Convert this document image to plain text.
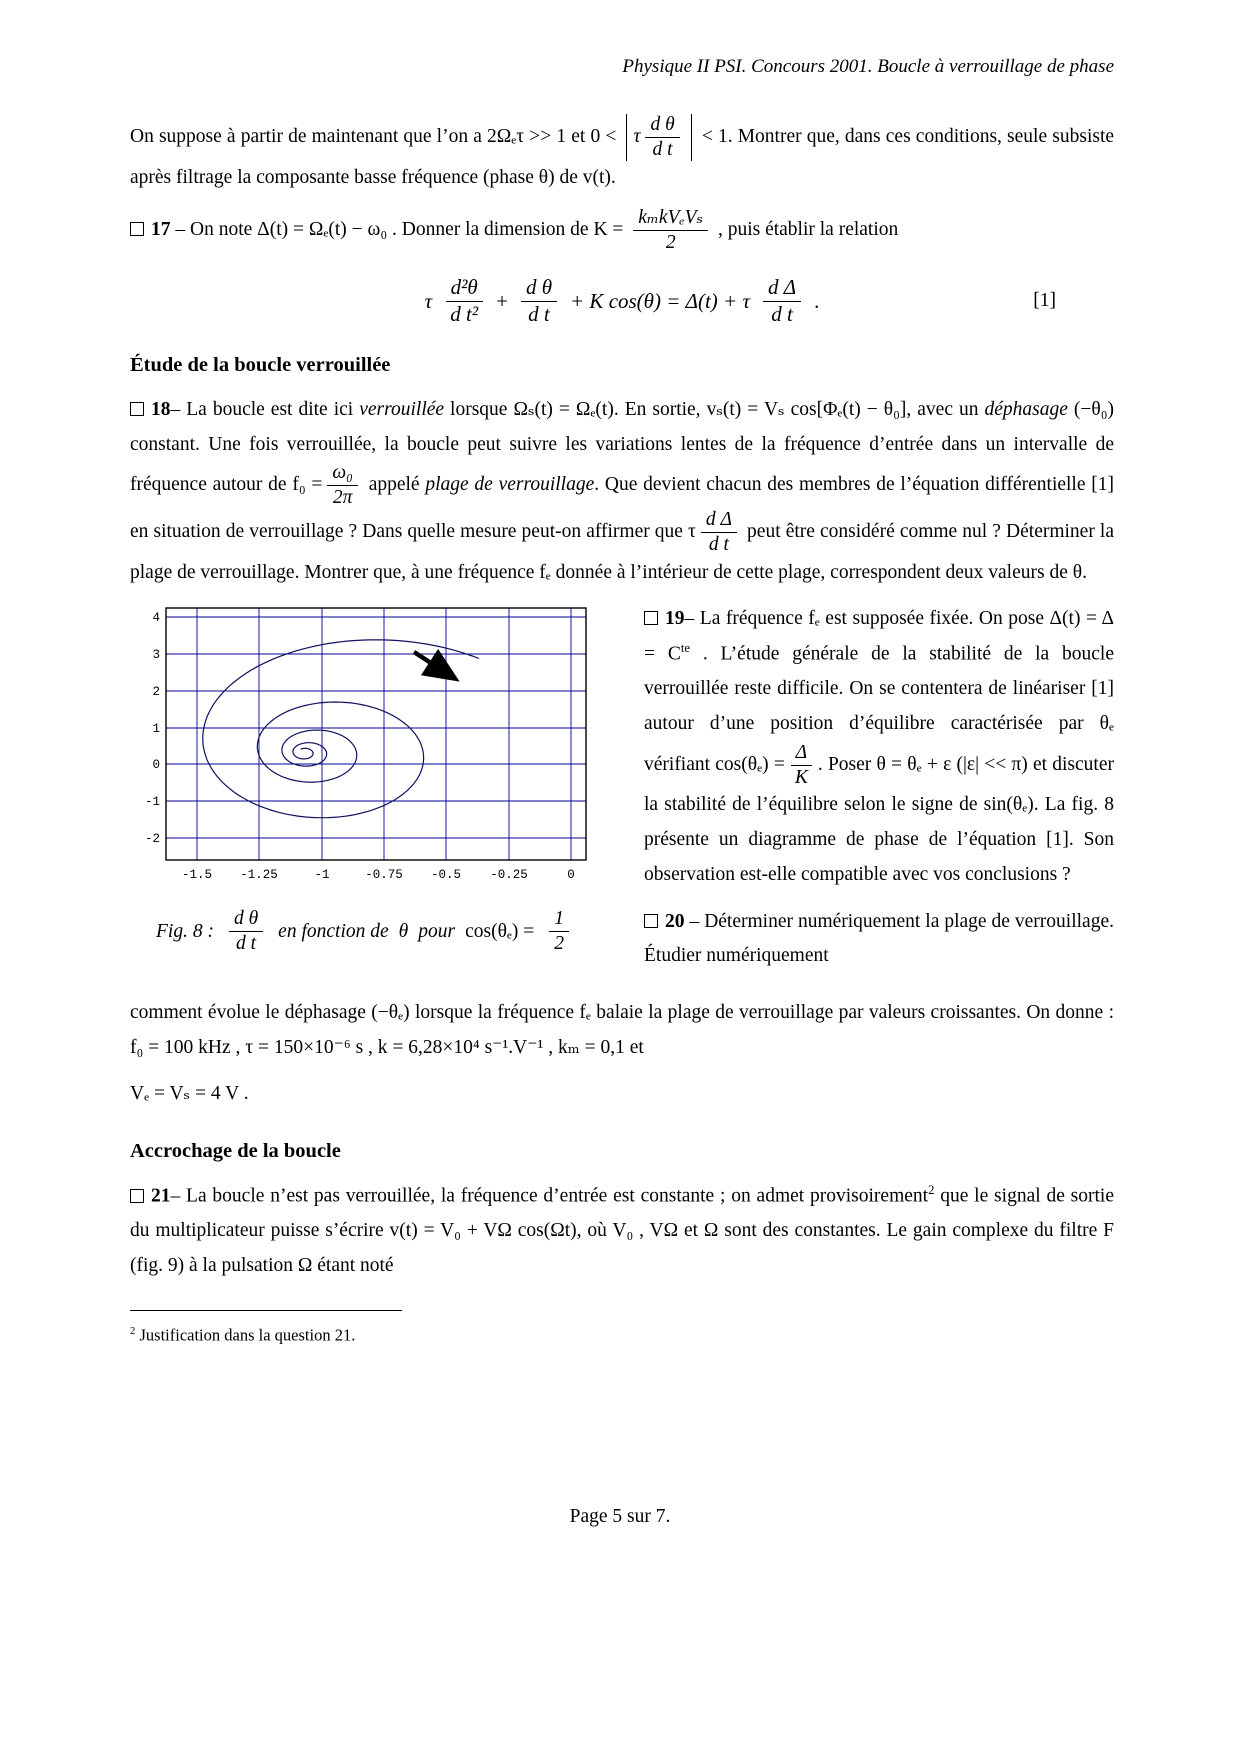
Physique II PSI. Concours 2001. Boucle à verrouillage de phase

On suppose à partir de maintenant que l’on a 2Ωₑτ >> 1 et 0 < τ $\frac{\text{d θ}}{\text{d t}} < 1$. Montrer que, dans ces conditions, seule subsiste après filtrage la composante basse fréquence (phase θ) de v(t).

17 – On note Δ(t) = Ωₑ(t) − ω₀ . Donner la dimension de $K = \frac{\text{kₘkVₑVₛ}}{2}$ , puis établir la relation

τ $\frac{\text{d²θ}}{\text{d t²}} + \frac{\text{d θ}}{\text{d t}} + K$ cos(θ) = Δ(t) + τ $\frac{\text{d Δ}}{\text{d t}}$ .	[1]
Étude de la boucle verrouillée

18– La boucle est dite ici verrouillée lorsque Ωₛ(t) = Ωₑ(t). En sortie, vₛ(t) = Vₛ cos[Φₑ(t) − θ₀], avec un déphasage (−θ₀) constant. Une fois verrouillée, la boucle peut suivre les variations lentes de la fréquence d’entrée dans un intervalle de fréquence autour de $f_0 = \frac{\text{ω₀}}{2\pi}$ appelé plage de verrouillage. Que devient chacun des membres de l’équation différentielle [1] en situation de verrouillage ? Dans quelle mesure peut-on affirmer que τ $\frac{\text{d Δ}}{\text{d t}}$ peut être considéré comme nul ? Déterminer la plage de verrouillage. Montrer que, à une fréquence fₑ donnée à l’intérieur de cette plage, correspondent deux valeurs de θ.

4
3
2
1
0
-1
-2
-1.5 -1.25	-1	-0.75 -0.5 -0.25	0
Fig. 8 : $\frac{\text{d θ}}{\text{d t}}$ en fonction de θ pour $\cos(\theta_e) = \frac{1}{2}$

19– La fréquence fₑ est supposée fixée. On pose $\Delta(t) = \Delta = C^{te}$ . L’étude générale de la stabilité de la boucle verrouillée reste difficile. On se contentera de linéariser [1] autour d’une position d’équilibre caractérisée par θₑ vérifiant $\cos(\theta_e) = \frac{\Delta}{K}$ . Poser θ = θₑ + ε (|ε| << π) et discuter la stabilité de l’équilibre selon le signe de sin(θₑ). La fig. 8 présente un diagramme de phase de l’équation [1]. Son observation est-elle compatible avec vos conclusions ?

20 – Déterminer numériquement la plage de verrouillage. Étudier numériquement

comment évolue le déphasage (−θₑ) lorsque la fréquence fₑ balaie la plage de verrouillage par valeurs croissantes. On donne : f₀ = 100 kHz , τ = 150×10⁻⁶ s , k = 6,28×10⁴ s⁻¹.V⁻¹ , kₘ = 0,1 et

Vₑ = Vₛ = 4 V .

Accrochage de la boucle

21– La boucle n’est pas verrouillée, la fréquence d’entrée est constante ; on admet provisoirement$^2$ que le signal de sortie du multiplicateur puisse s’écrire v(t) = V₀ + VΩ cos(Ωt), où V₀ , VΩ et Ω sont des constantes. Le gain complexe du filtre F (fig. 9) à la pulsation Ω étant noté

$^2$ Justification dans la question 21.
Page 5 sur 7.
